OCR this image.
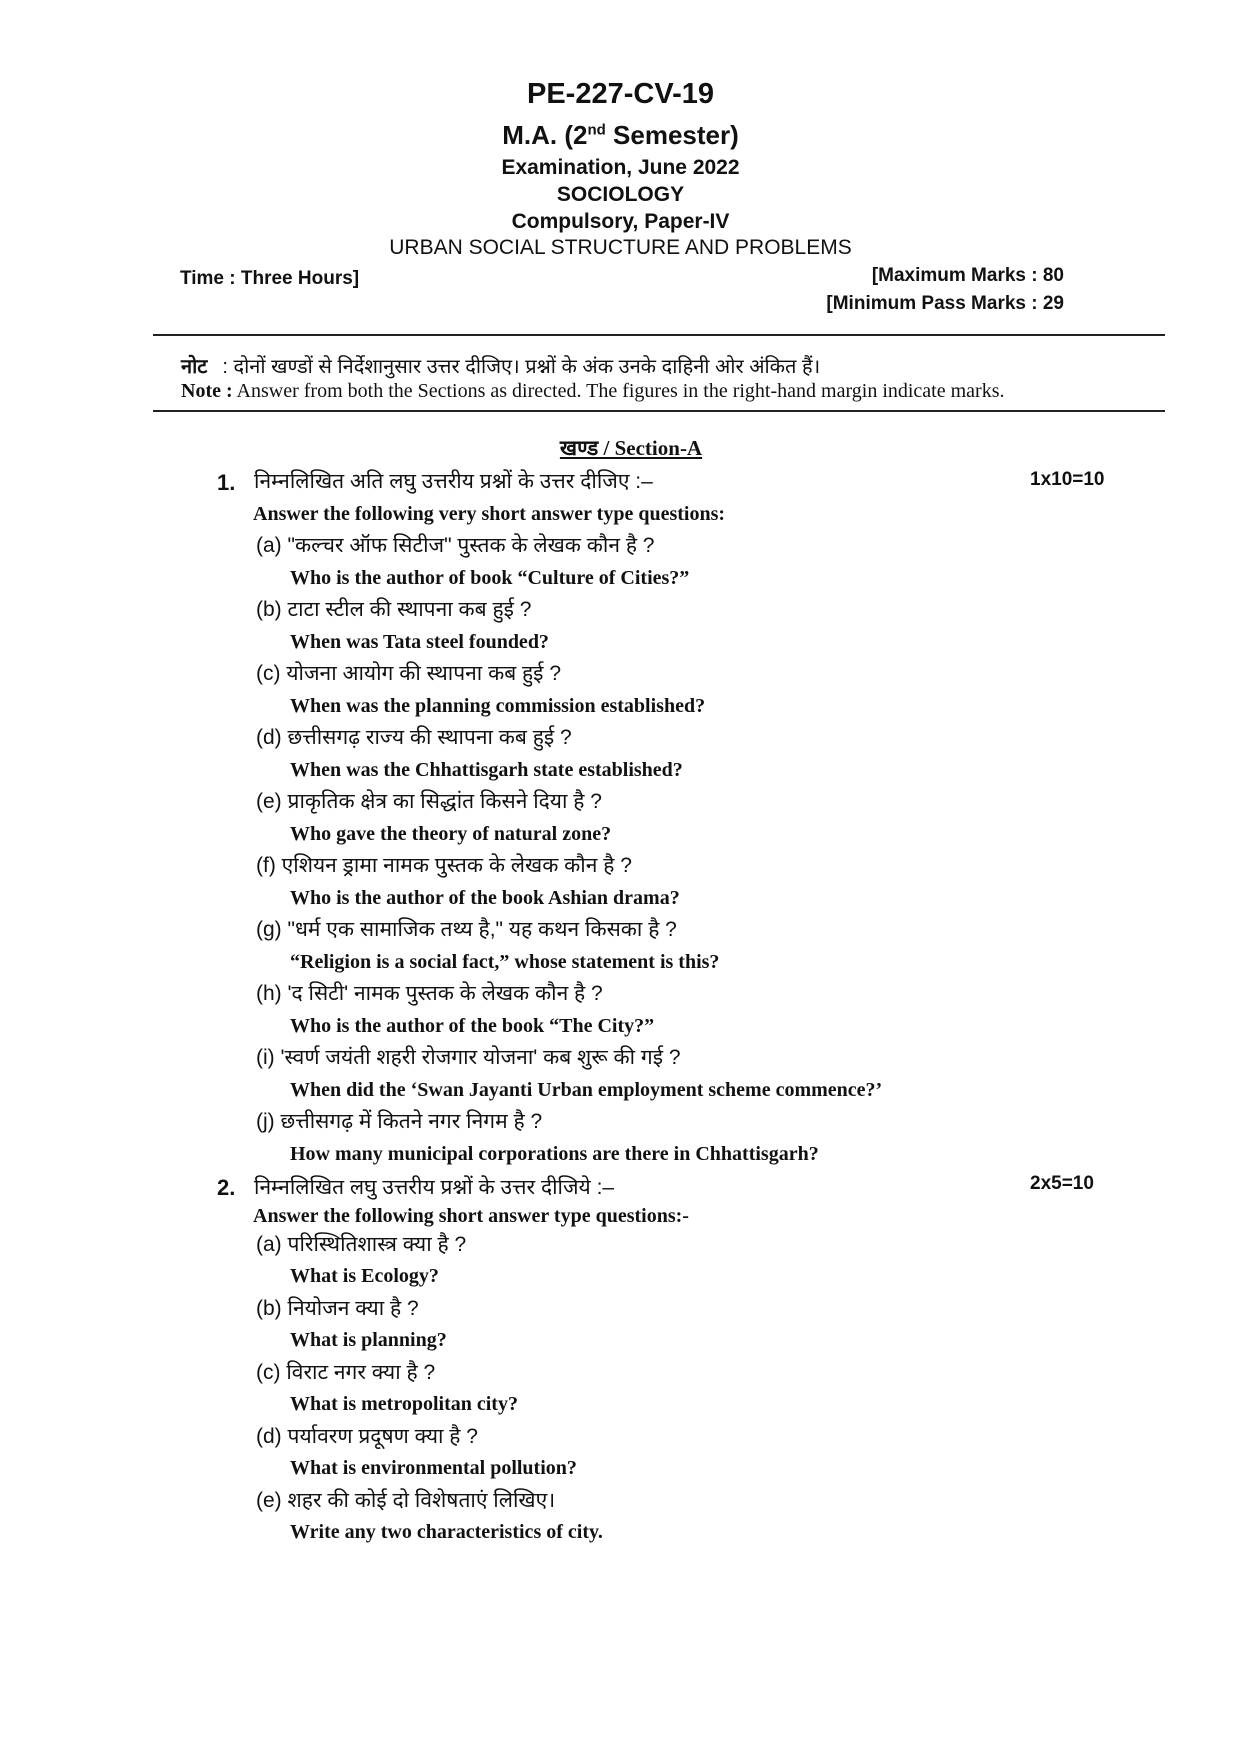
PE-227-CV-19
M.A. (2nd Semester)
Examination, June 2022
SOCIOLOGY
Compulsory, Paper-IV
URBAN SOCIAL STRUCTURE AND PROBLEMS
Time : Three Hours]	[Maximum Marks : 80
[Minimum Pass Marks : 29
नोट : दोनों खण्डों से निर्देशानुसार उत्तर दीजिए। प्रश्नों के अंक उनके दाहिनी ओर अंकित हैं।
Note : Answer from both the Sections as directed. The figures in the right-hand margin indicate marks.
खण्ड / Section-A
1. निम्नलिखित अति लघु उत्तरीय प्रश्नों के उत्तर दीजिए :–	1x10=10
Answer the following very short answer type questions:
(a) "कल्चर ऑफ सिटीज" पुस्तक के लेखक कौन है ?
Who is the author of book “Culture of Cities?”
(b) टाटा स्टील की स्थापना कब हुई ?
When was Tata steel founded?
(c) योजना आयोग की स्थापना कब हुई ?
When was the planning commission established?
(d) छत्तीसगढ़ राज्य की स्थापना कब हुई ?
When was the Chhattisgarh state established?
(e) प्राकृतिक क्षेत्र का सिद्धांत किसने दिया है ?
Who gave the theory of natural zone?
(f) एशियन ड्रामा नामक पुस्तक के लेखक कौन है ?
Who is the author of the book Ashian drama?
(g) "धर्म एक सामाजिक तथ्य है," यह कथन किसका है ?
“Religion is a social fact,” whose statement is this?
(h) 'द सिटी' नामक पुस्तक के लेखक कौन है ?
Who is the author of the book “The City?”
(i) 'स्वर्ण जयंती शहरी रोजगार योजना' कब शुरू की गई ?
When did the ‘Swan Jayanti Urban employment scheme commence?’
(j) छत्तीसगढ़ में कितने नगर निगम है ?
How many municipal corporations are there in Chhattisgarh?
2. निम्नलिखित लघु उत्तरीय प्रश्नों के उत्तर दीजिये :–	2x5=10
Answer the following short answer type questions:-
(a) परिस्थितिशास्त्र क्या है ?
What is Ecology?
(b) नियोजन क्या है ?
What is planning?
(c) विराट नगर क्या है ?
What is metropolitan city?
(d) पर्यावरण प्रदूषण क्या है ?
What is environmental pollution?
(e) शहर की कोई दो विशेषताएं लिखिए।
Write any two characteristics of city.
